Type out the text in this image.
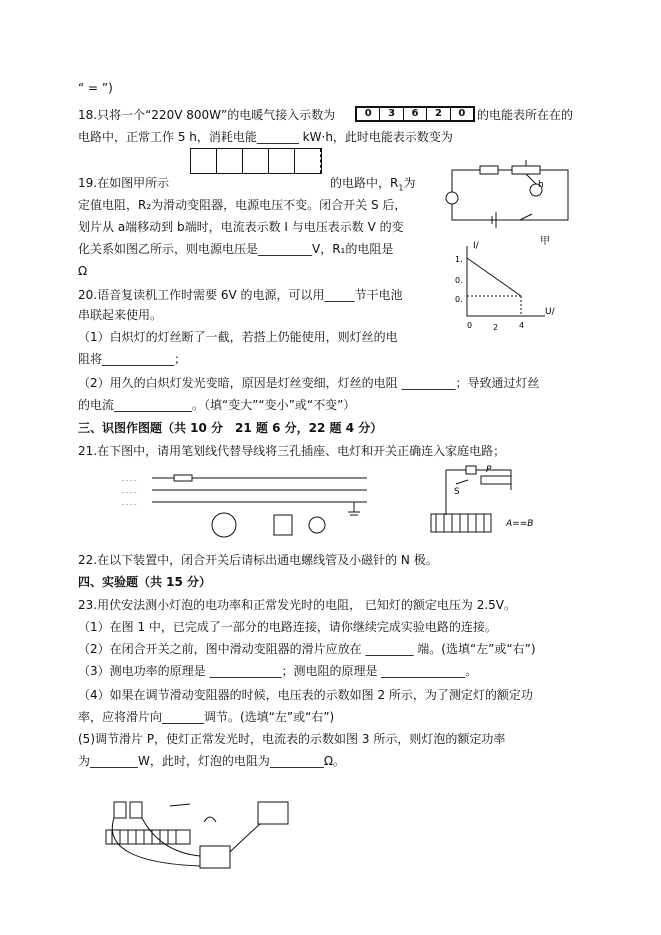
“ = ”)
18.只将一个“220V 800W”的电暖气接入示数为	0	3	6	2	0 的电能表所在在的
电路中，正常工作 5 h，消耗电能_______ kW·h，此时电能表示数变为
19.在如图甲所示	的电路中，$R_1$为
定值电阻，R₂为滑动变阻器，电源电压不变。闭合开关 S 后，
划片从 a端移动到 b端时，电流表示数 I 与电压表示数 V 的变
化关系如图乙所示，则电源电压是_________V，R₁的电阻是
Ω
20.语音复读机工作时需要 6V 的电源，可以用_____节干电池
串联起来使用。
（1）白炽灯的灯丝断了一截，若搭上仍能使用，则灯丝的电
阻将____________；
（2）用久的白炽灯发光变暗，原因是灯丝变细，灯丝的电阻 _________；导致通过灯丝
的电流_____________。（填“变大”“变小”或“不变”）
三、识图作图题（共 10 分　21 题 6 分，22 题 4 分）
21.在下图中，请用笔划线代替导线将三孔插座、电灯和开关正确连入家庭电路；
22.在以下装置中，闭合开关后请标出通电螺线管及小磁针的 N 极。
四、实验题（共 15 分）
23.用伏安法测小灯泡的电功率和正常发光时的电阻， 已知灯的额定电压为 2.5V。
（1）在图 1 中，已完成了一部分的电路连接，请你继续完成实验电路的连接。
（2）在闭合开关之前，图中滑动变阻器的滑片应放在 ________ 端。(选填“左”或“右”)
（3）测电功率的原理是 ____________；测电阻的原理是 ______________。
（4）如果在调节滑动变阻器的时候，电压表的示数如图 2 所示，为了测定灯的额定功
率，应将滑片向_______调节。(选填“左”或“右”)
(5)调节滑片 P，使灯正常发光时，电流表的示数如图 3 所示，则灯泡的额定功率
为________W，此时，灯泡的电阻为_________Ω。
h
甲
I/
U/
1.
0.
0.
0	2	4
- - - -
- - - -
- - - -
P
S
A==B
